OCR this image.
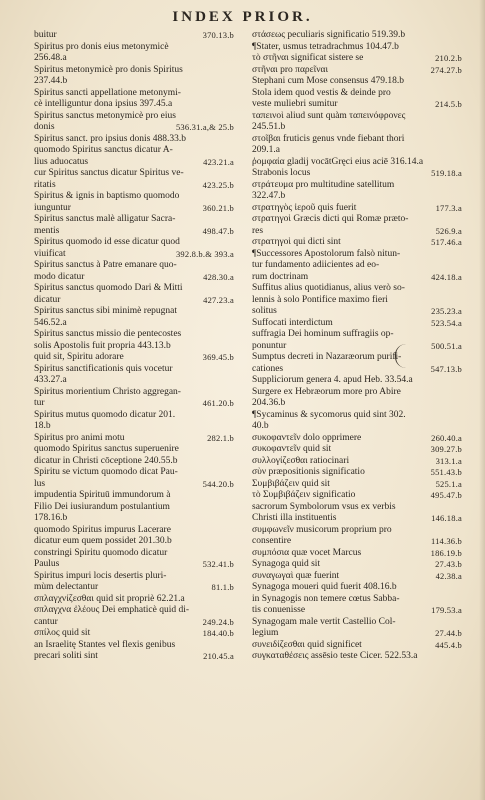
INDEX PRIOR.
370.13.b
buitur
Spiritus pro donis eius metonymicè
256.48.a
Spiritus metonymicè pro donis Spiritus
237.44.b
Spiritus sancti appellatione metonymi-
cè intelliguntur dona ipsius 397.45.a
Spiritus sanctus metonymicè pro eius
536.31.a,& 25.b
donis
Spiritus sanct. pro ipsius donis 488.33.b
quomodo Spiritus sanctus dicatur A-
423.21.a
lius aduocatus
cur Spiritus sanctus dicatur Spiritus ve-
423.25.b
ritatis
Spiritus & ignis in baptismo quomodo
360.21.b
iunguntur
Spiritus sanctus malè alligatur Sacra-
498.47.b
mentis
Spiritus quomodo id esse dicatur quod
392.8.b.& 393.a
viuificat
Spiritus sanctus à Patre emanare quo-
428.30.a
modo dicatur
Spiritus sanctus quomodo Dari & Mitti
427.23.a
dicatur
Spiritus sanctus sibi minimè repugnat
546.52.a
Spiritus sanctus missio die pentecostes
solis Apostolis fuit propria 443.13.b
369.45.b
quid sit, Spiritu adorare
Spiritus sanctificationis quis vocetur
433.27.a
Spiritus morientium Christo aggregan-
461.20.b
tur
Spiritus mutus quomodo dicatur 201.
18.b
282.1.b
Spiritus pro animi motu
quomodo Spiritus sanctus superuenire
dicatur in Christi cōceptione 240.55.b
Spiritu se victum quomodo dicat Pau-
544.20.b
lus
impudentia Spirituū immundorum à
Filio Dei iusiurandum postulantium
178.16.b
quomodo Spiritus impurus Lacerare
dicatur eum quem possidet 201.30.b
constringi Spiritu quomodo dicatur
532.41.b
Paulus
Spiritus impuri locis desertis pluri-
81.1.b
mùm delectantur
σπλαγχνίζεσθαι quid sit propriè 62.21.a
σπλαγχνα ἐλέους Dei emphaticè quid di-
249.24.b
cantur
184.40.b
σπίλος quid sit
an Israelitę Stantes vel flexis genibus
210.45.a
precari soliti sint
στάσεως peculiaris significatio 519.39.b
¶Stater, usmus tetradrachmus 104.47.b
210.2.b
τὸ στῆναι significat sistere se
274.27.b
στῆναι pro παρεῖναι
Stephani cum Mose consensus 479.18.b
Stola idem quod vestis & deinde pro
214.5.b
veste muliebri sumitur
ταπεινοὶ aliud sunt quàm ταπεινόφρονες
245.51.b
στοῖβαι fruticis genus vnde fiebant thori
209.1.a
ῥομφαία gladij vocātGręci eius aciē 316.14.a
519.18.a
Strabonis locus
στράτευμα pro multitudine satellitum
322.47.b
177.3.a
στρατηγὸς ἱεροῦ quis fuerit
στρατηγοὶ Græcis dicti qui Romæ præto-
526.9.a
res
517.46.a
στρατηγοὶ qui dicti sint
¶Successores Apostolorum falsò nitun-
tur fundamento adiicientes ad eo-
424.18.a
rum doctrinam
Suffitus alius quotidianus, alius verò so-
lennis à solo Pontifice maximo fieri
235.23.a
solitus
523.54.a
Suffocati interdictum
suffragia Dei hominum suffragiis op-
500.51.a
ponuntur
Sumptus decreti in Nazaræorum purifi-
547.13.b
cationes
Suppliciorum genera 4. apud Heb. 33.54.a
Surgere ex Hebræorum more pro Abire
204.36.b
¶Sycaminus & sycomorus quid sint 302.
40.b
260.40.a
συκοφαντεῖν dolo opprimere
309.27.b
συκοφαντεῖν quid sit
313.1.a
συλλογίζεσθαι ratiocinari
551.43.b
σὺν præpositionis significatio
525.1.a
Συμβιβάζειν quid sit
495.47.b
τὸ Συμβιβάζειν significatio
sacrorum Symbolorum vsus ex verbis
146.18.a
Christi illa instituentis
συμφωνεῖν musicorum proprium pro
114.36.b
consentire
186.19.b
συμπόσια quæ vocet Marcus
27.43.b
Synagoga quid sit
42.38.a
συναγωγαὶ quæ fuerint
Synagoga moueri quid fuerit 408.16.b
in Synagogis non temere cœtus Sabba-
179.53.a
tis conuenisse
Synagogam male vertit Castellio Col-
27.44.b
legium
445.4.b
συνειδίζεσθαι quid significet
συγκαταθέσεις assēsio teste Cicer. 522.53.a
